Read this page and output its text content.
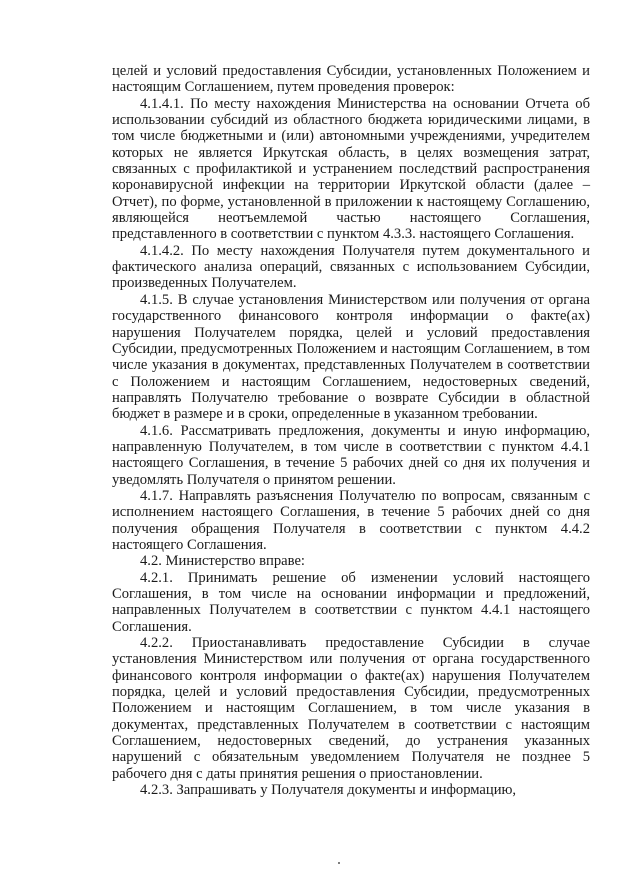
целей и условий предоставления Субсидии, установленных Положением и настоящим Соглашением, путем проведения проверок:

4.1.4.1. По месту нахождения Министерства на основании Отчета об использовании субсидий из областного бюджета юридическими лицами, в том числе бюджетными и (или) автономными учреждениями, учредителем которых не является Иркутская область, в целях возмещения затрат, связанных с профилактикой и устранением последствий распространения коронавирусной инфекции на территории Иркутской области (далее – Отчет), по форме, установленной в приложении к настоящему Соглашению, являющейся неотъемлемой частью настоящего Соглашения, представленного в соответствии с пунктом 4.3.3. настоящего Соглашения.

4.1.4.2. По месту нахождения Получателя путем документального и фактического анализа операций, связанных с использованием Субсидии, произведенных Получателем.

4.1.5. В случае установления Министерством или получения от органа государственного финансового контроля информации о факте(ах) нарушения Получателем порядка, целей и условий предоставления Субсидии, предусмотренных Положением и настоящим Соглашением, в том числе указания в документах, представленных Получателем в соответствии с Положением и настоящим Соглашением, недостоверных сведений, направлять Получателю требование о возврате Субсидии в областной бюджет в размере и в сроки, определенные в указанном требовании.

4.1.6. Рассматривать предложения, документы и иную информацию, направленную Получателем, в том числе в соответствии с пунктом 4.4.1 настоящего Соглашения, в течение 5 рабочих дней со дня их получения и уведомлять Получателя о принятом решении.

4.1.7. Направлять разъяснения Получателю по вопросам, связанным с исполнением настоящего Соглашения, в течение 5 рабочих дней со дня получения обращения Получателя в соответствии с пунктом 4.4.2 настоящего Соглашения.

4.2. Министерство вправе:

4.2.1. Принимать решение об изменении условий настоящего Соглашения, в том числе на основании информации и предложений, направленных Получателем в соответствии с пунктом 4.4.1 настоящего Соглашения.

4.2.2. Приостанавливать предоставление Субсидии в случае установления Министерством или получения от органа государственного финансового контроля информации о факте(ах) нарушения Получателем порядка, целей и условий предоставления Субсидии, предусмотренных Положением и настоящим Соглашением, в том числе указания в документах, представленных Получателем в соответствии с настоящим Соглашением, недостоверных сведений, до устранения указанных нарушений с обязательным уведомлением Получателя не позднее 5 рабочего дня с даты принятия решения о приостановлении.

4.2.3. Запрашивать у Получателя документы и информацию,
